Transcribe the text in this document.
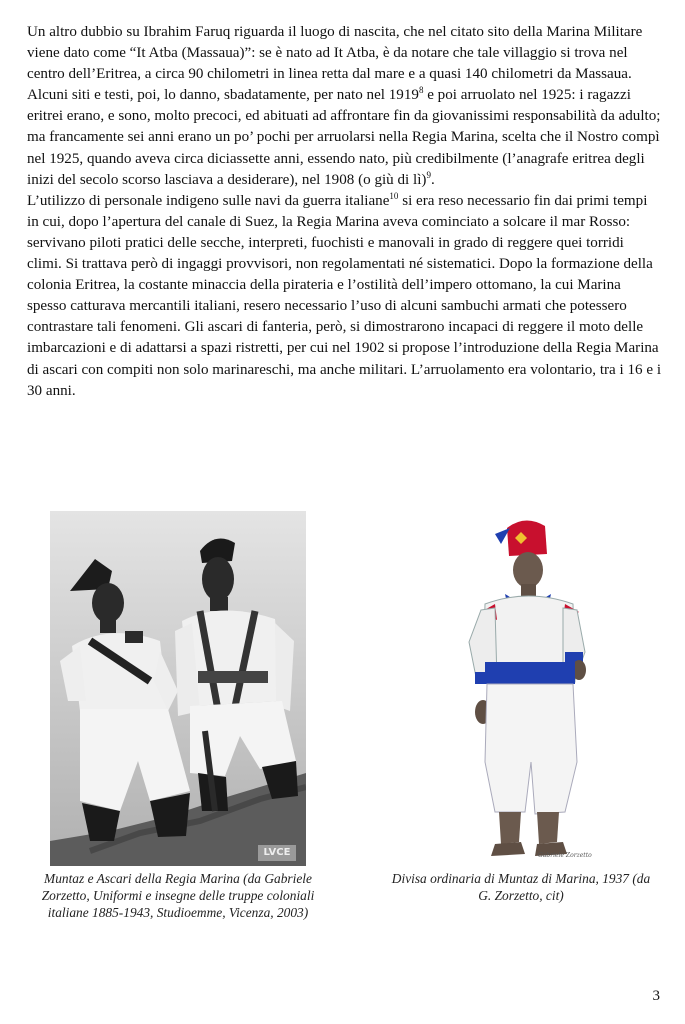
Un altro dubbio su Ibrahim Faruq riguarda il luogo di nascita, che nel citato sito della Marina Militare viene dato come “It Atba (Massaua)”: se è nato ad It Atba, è da notare che tale villaggio si trova nel centro dell’Eritrea, a circa 90 chilometri in linea retta dal mare e a quasi 140 chilometri da Massaua. Alcuni siti e testi, poi, lo danno, sbadatamente, per nato nel 1919$^8$ e poi arruolato nel 1925: i ragazzi eritrei erano, e sono, molto precoci, ed abituati ad affrontare fin da giovanissimi responsabilità da adulto; ma francamente sei anni erano un po’ pochi per arruolarsi nella Regia Marina, scelta che il Nostro compì nel 1925, quando aveva circa diciassette anni, essendo nato, più credibilmente (l’anagrafe eritrea degli inizi del secolo scorso lasciava a desiderare), nel 1908 (o giù di lì)$^9$.

L’utilizzo di personale indigeno sulle navi da guerra italiane$^{10}$ si era reso necessario fin dai primi tempi in cui, dopo l’apertura del canale di Suez, la Regia Marina aveva cominciato a solcare il mar Rosso: servivano piloti pratici delle secche, interpreti, fuochisti e manovali in grado di reggere quei torridi climi. Si trattava però di ingaggi provvisori, non regolamentati né sistematici. Dopo la formazione della colonia Eritrea, la costante minaccia della pirateria e l’ostilità dell’impero ottomano, la cui Marina spesso catturava mercantili italiani, resero necessario l’uso di alcuni sambuchi armati che potessero contrastare tali fenomeni. Gli ascari di fanteria, però, si dimostrarono incapaci di reggere il moto delle imbarcazioni e di adattarsi a spazi ristretti, per cui nel 1902 si propose l’introduzione della Regia Marina di ascari con compiti non solo marinareschi, ma anche militari. L’arruolamento era volontario, tra i 16 e i 30 anni.

LVCE	Gabriele Zorzetto
Muntaz e Ascari della Regia Marina (da Gabriele Zorzetto, Uniformi e insegne delle truppe coloniali italiane 1885-1943, Studioemme, Vicenza, 2003)
Divisa ordinaria di Muntaz di Marina, 1937 (da G. Zorzetto, cit)
3
